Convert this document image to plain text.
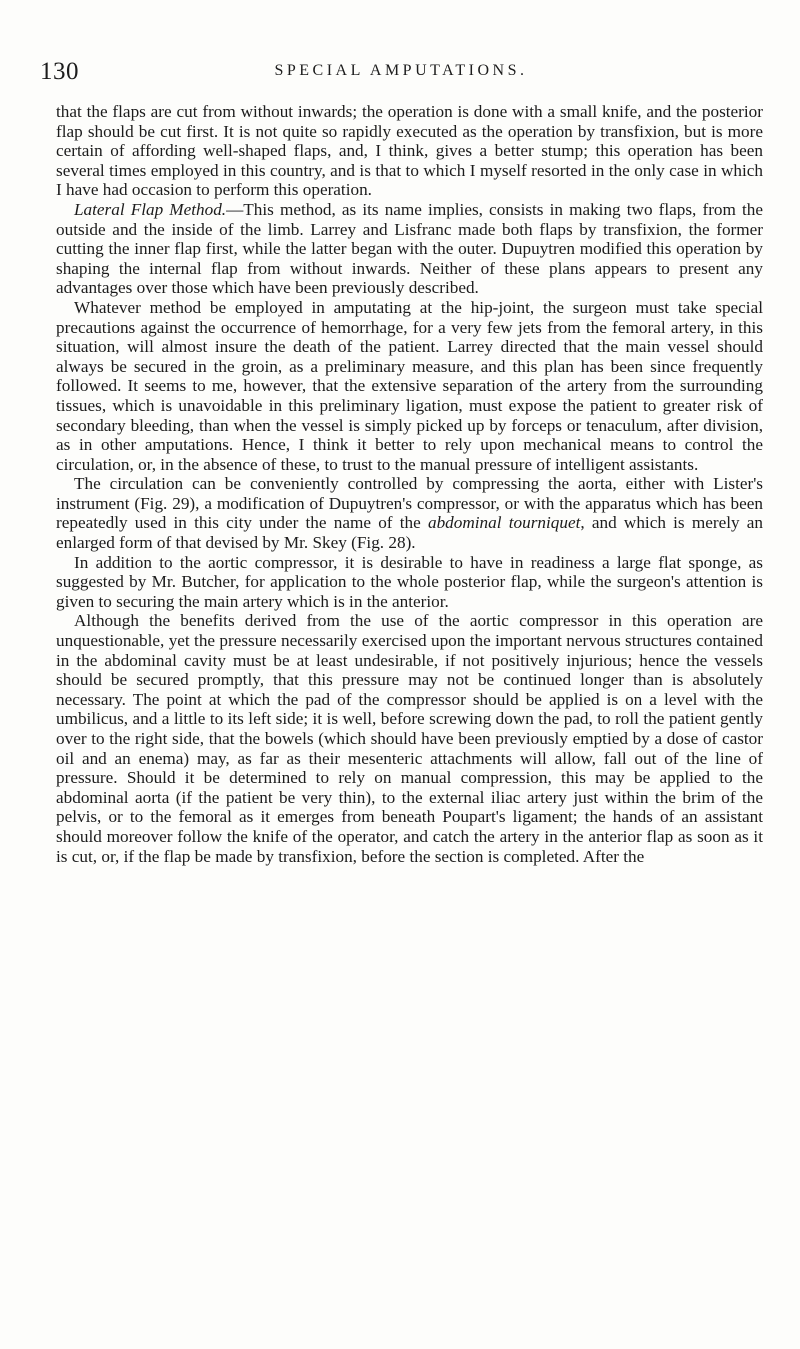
130	SPECIAL AMPUTATIONS.

that the flaps are cut from without inwards; the operation is done with a small knife, and the posterior flap should be cut first. It is not quite so rapidly executed as the operation by transfixion, but is more certain of affording well-shaped flaps, and, I think, gives a better stump; this operation has been several times employed in this country, and is that to which I myself resorted in the only case in which I have had occasion to perform this operation.

Lateral Flap Method.—This method, as its name implies, consists in making two flaps, from the outside and the inside of the limb. Larrey and Lisfranc made both flaps by transfixion, the former cutting the inner flap first, while the latter began with the outer. Dupuytren modified this operation by shaping the internal flap from without inwards. Neither of these plans appears to present any advantages over those which have been previously described.

Whatever method be employed in amputating at the hip-joint, the surgeon must take special precautions against the occurrence of hemorrhage, for a very few jets from the femoral artery, in this situation, will almost insure the death of the patient. Larrey directed that the main vessel should always be secured in the groin, as a preliminary measure, and this plan has been since frequently followed. It seems to me, however, that the extensive separation of the artery from the surrounding tissues, which is unavoidable in this preliminary ligation, must expose the patient to greater risk of secondary bleeding, than when the vessel is simply picked up by forceps or tenaculum, after division, as in other amputations. Hence, I think it better to rely upon mechanical means to control the circulation, or, in the absence of these, to trust to the manual pressure of intelligent assistants.

The circulation can be conveniently controlled by compressing the aorta, either with Lister's instrument (Fig. 29), a modification of Dupuytren's compressor, or with the apparatus which has been repeatedly used in this city under the name of the abdominal tourniquet, and which is merely an enlarged form of that devised by Mr. Skey (Fig. 28).

In addition to the aortic compressor, it is desirable to have in readiness a large flat sponge, as suggested by Mr. Butcher, for application to the whole posterior flap, while the surgeon's attention is given to securing the main artery which is in the anterior.

Although the benefits derived from the use of the aortic compressor in this operation are unquestionable, yet the pressure necessarily exercised upon the important nervous structures contained in the abdominal cavity must be at least undesirable, if not positively injurious; hence the vessels should be secured promptly, that this pressure may not be continued longer than is absolutely necessary. The point at which the pad of the compressor should be applied is on a level with the umbilicus, and a little to its left side; it is well, before screwing down the pad, to roll the patient gently over to the right side, that the bowels (which should have been previously emptied by a dose of castor oil and an enema) may, as far as their mesenteric attachments will allow, fall out of the line of pressure. Should it be determined to rely on manual compression, this may be applied to the abdominal aorta (if the patient be very thin), to the external iliac artery just within the brim of the pelvis, or to the femoral as it emerges from beneath Poupart's ligament; the hands of an assistant should moreover follow the knife of the operator, and catch the artery in the anterior flap as soon as it is cut, or, if the flap be made by transfixion, before the section is completed. After the
